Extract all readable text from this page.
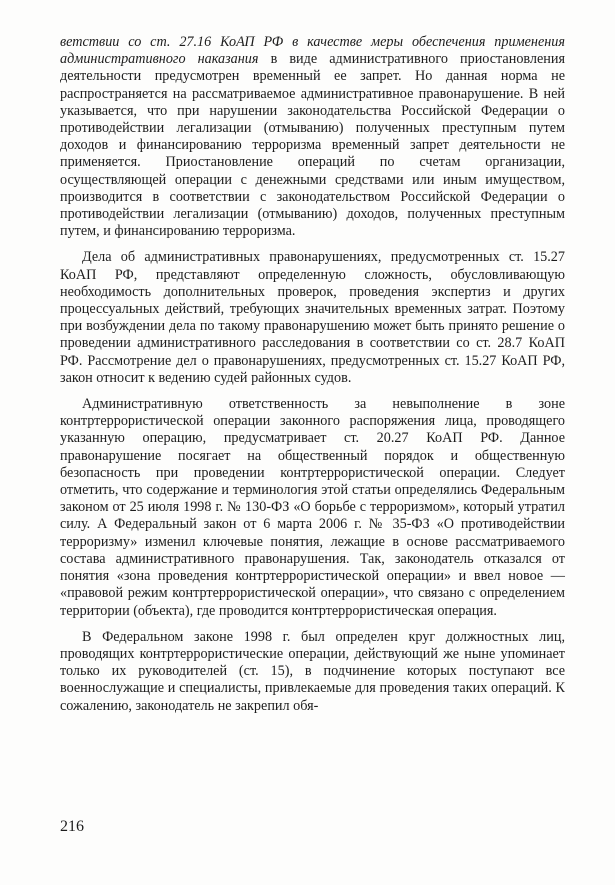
ветствии со ст. 27.16 КоАП РФ в качестве меры обеспечения применения административного наказания в виде административного приостановления деятельности предусмотрен временный ее запрет. Но данная норма не распространяется на рассматриваемое административное правонарушение. В ней указывается, что при нарушении законодательства Российской Федерации о противодействии легализации (отмыванию) полученных преступным путем доходов и финансированию терроризма временный запрет деятельности не применяется. Приостановление операций по счетам организации, осуществляющей операции с денежными средствами или иным имуществом, производится в соответствии с законодательством Российской Федерации о противодействии легализации (отмыванию) доходов, полученных преступным путем, и финансированию терроризма.

Дела об административных правонарушениях, предусмотренных ст. 15.27 КоАП РФ, представляют определенную сложность, обусловливающую необходимость дополнительных проверок, проведения экспертиз и других процессуальных действий, требующих значительных временных затрат. Поэтому при возбуждении дела по такому правонарушению может быть принято решение о проведении административного расследования в соответствии со ст. 28.7 КоАП РФ. Рассмотрение дел о правонарушениях, предусмотренных ст. 15.27 КоАП РФ, закон относит к ведению судей районных судов.

Административную ответственность за невыполнение в зоне контртеррористической операции законного распоряжения лица, проводящего указанную операцию, предусматривает ст. 20.27 КоАП РФ. Данное правонарушение посягает на общественный порядок и общественную безопасность при проведении контртеррористической операции. Следует отметить, что содержание и терминология этой статьи определялись Федеральным законом от 25 июля 1998 г. № 130-ФЗ «О борьбе с терроризмом», который утратил силу. А Федеральный закон от 6 марта 2006 г. № 35-ФЗ «О противодействии терроризму» изменил ключевые понятия, лежащие в основе рассматриваемого состава административного правонарушения. Так, законодатель отказался от понятия «зона проведения контртеррористической операции» и ввел новое — «правовой режим контртеррористической операции», что связано с определением территории (объекта), где проводится контртеррористическая операция.

В Федеральном законе 1998 г. был определен круг должностных лиц, проводящих контртеррористические операции, действующий же ныне упоминает только их руководителей (ст. 15), в подчинение которых поступают все военнослужащие и специалисты, привлекаемые для проведения таких операций. К сожалению, законодатель не закрепил обя-

216
